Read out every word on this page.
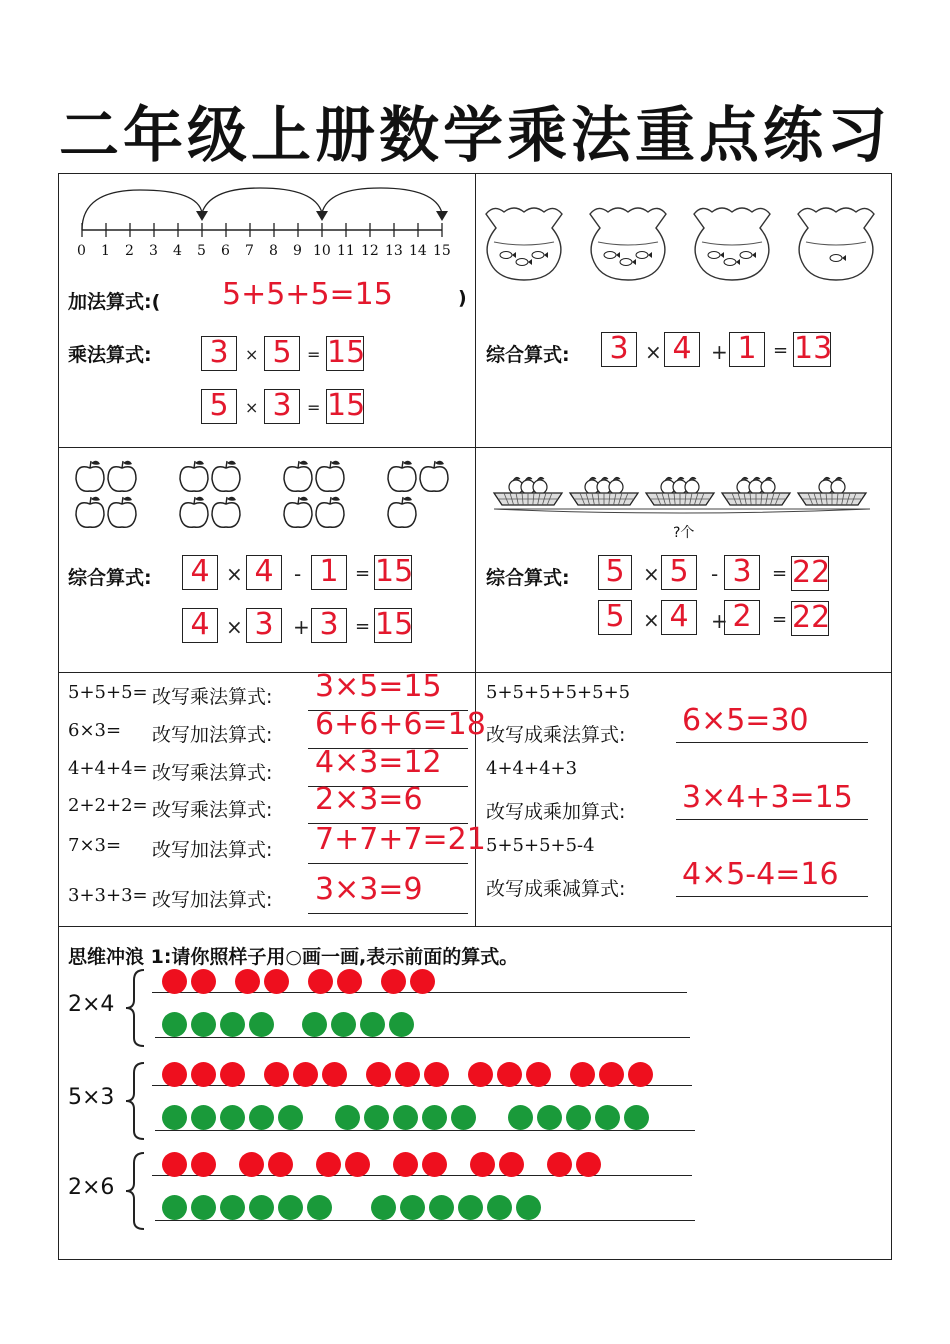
二年级上册数学乘法重点练习
0 1 2 3 4 5 6 7 8 9 10 11 12 13 14 15
加法算式:( 5+5+5=15	)
乘法算式: 3	× 5 = 15
5	× 3 = 15
综合算式: 3 × 4 + 1 = 13
综合算式: 4 × 4	- 1 = 15
4 × 3 + 3 = 15
?个
综合算式: 5 × 5	- 3	= 22
5 × 4	+ 2	= 22
5+5+5= 改写乘法算式: 3×5=15
6×3= 改写加法算式: 6+6+6=18
4+4+4= 改写乘法算式: 4×3=12
2+2+2= 改写乘法算式: 2×3=6
7×3= 改写加法算式: 7+7+7=21
3+3+3= 改写加法算式: 3×3=9
5+5+5+5+5+5
改写成乘法算式: 6×5=30
4+4+4+3
改写成乘加算式: 3×4+3=15
5+5+5+5-4
改写成乘减算式: 4×5-4=16
思维冲浪 1:请你照样子用○画一画,表示前面的算式。
2×4
5×3
2×6
